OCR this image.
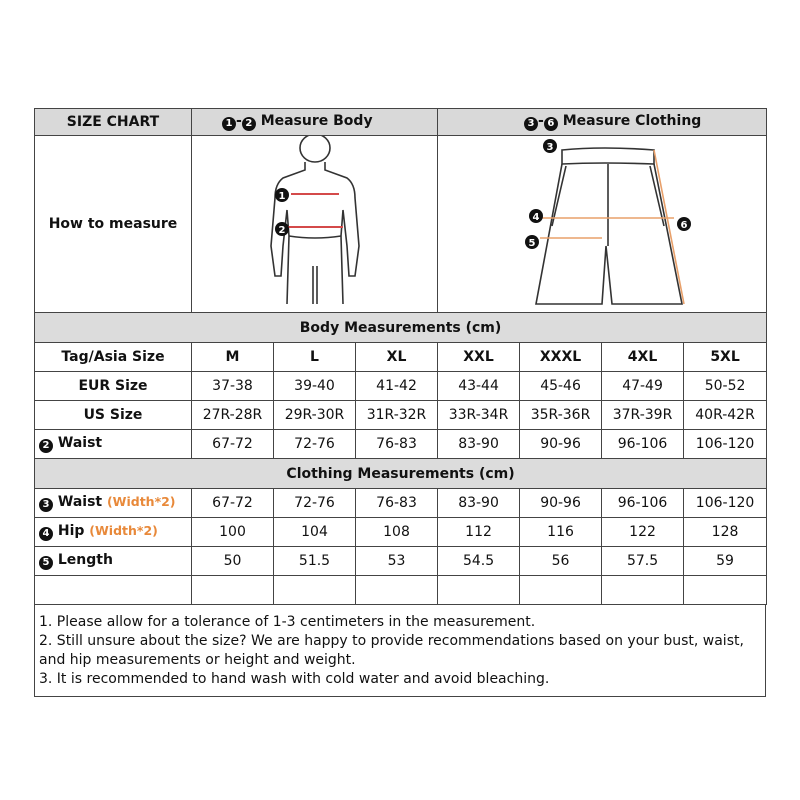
SIZE CHART	1 - 2 Measure Body			3 - 6 Measure Clothing			
How to measure	1
2			3
4
5
6			

Body Measurements (cm)							
Tag/Asia Size	M	L	XL	XXL	XXXL	4XL	5XL
EUR Size	37-38	39-40	41-42	43-44	45-46	47-49	50-52
US Size	27R-28R	29R-30R	31R-32R	33R-34R	35R-36R	37R-39R	40R-42R
2 Waist	67-72	72-76	76-83	83-90	90-96	96-106	106-120
Clothing Measurements (cm)							
3 Waist (Width*2)	67-72	72-76	76-83	83-90	90-96	96-106	106-120
4 Hip (Width*2)	100	104	108	112	116	122	128
5 Length	50	51.5	53	54.5	56	57.5	59

1. Please allow for a tolerance of 1-3 centimeters in the measurement.
2. Still unsure about the size? We are happy to provide recommendations based on your bust, waist, and hip measurements or height and weight.
3. It is recommended to hand wash with cold water and avoid bleaching.
